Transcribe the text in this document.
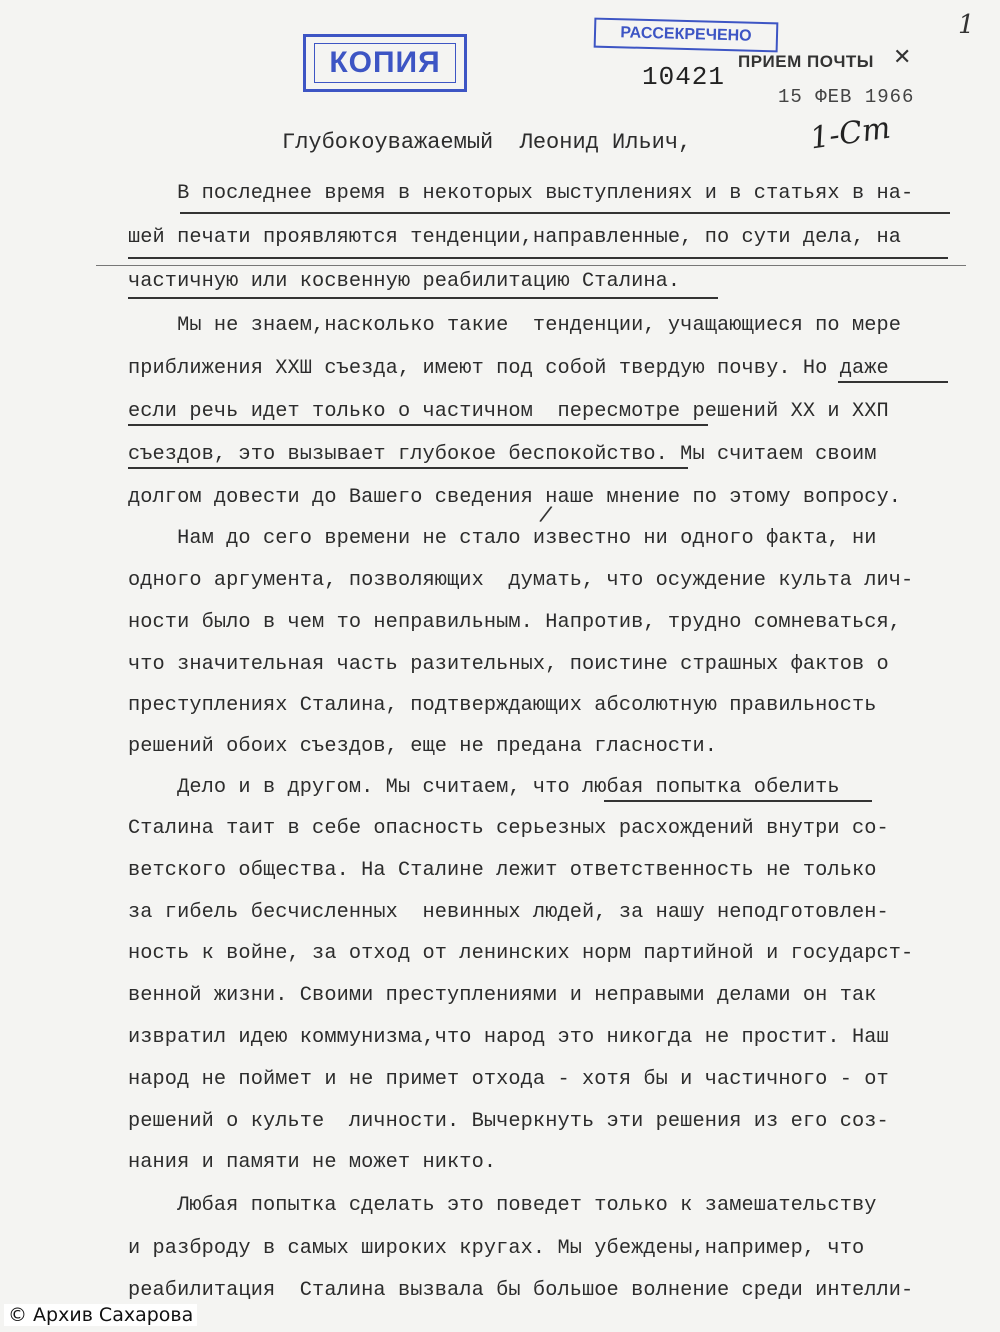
КОПИЯ
РАССЕКРЕЧЕНО
10421
ПРИЕМ ПОЧТЫ ✕
15 ФЕВ 1966
1-Ст
1
Глубокоуважаемый  Леонид Ильич,
В последнее время в некоторых выступлениях и в статьях в на-
шей печати проявляются тенденции,направленные, по сути дела, на
частичную или косвенную реабилитацию Сталина.
Мы не знаем,насколько такие  тенденции, учащающиеся по мере
приближения ХХШ съезда, имеют под собой твердую почву. Но даже
если речь идет только о частичном  пересмотре решений ХХ и ХХП
съездов, это вызывает глубокое беспокойство. Мы считаем своим
долгом довести до Вашего сведения наше мнение по этому вопросу.
Нам до сего времени не стало известно ни одного факта, ни
одного аргумента, позволяющих  думать, что осуждение культа лич-
ности было в чем то неправильным. Напротив, трудно сомневаться,
что значительная часть разительных, поистине страшных фактов о
преступлениях Сталина, подтверждающих абсолютную правильность
решений обоих съездов, еще не предана гласности.
Дело и в другом. Мы считаем, что любая попытка обелить
Сталина таит в себе опасность серьезных расхождений внутри со-
ветского общества. На Сталине лежит ответственность не только
за гибель бесчисленных  невинных людей, за нашу неподготовлен-
ность к войне, за отход от ленинских норм партийной и государст-
венной жизни. Своими преступлениями и неправыми делами он так
извратил идею коммунизма,что народ это никогда не простит. Наш
народ не поймет и не примет отхода - хотя бы и частичного - от
решений о культе  личности. Вычеркнуть эти решения из его соз-
нания и памяти не может никто.
Любая попытка сделать это поведет только к замешательству
и разброду в самых широких кругах. Мы убеждены,например, что
реабилитация  Сталина вызвала бы большое волнение среди интелли-
/
© Архив Сахарова
